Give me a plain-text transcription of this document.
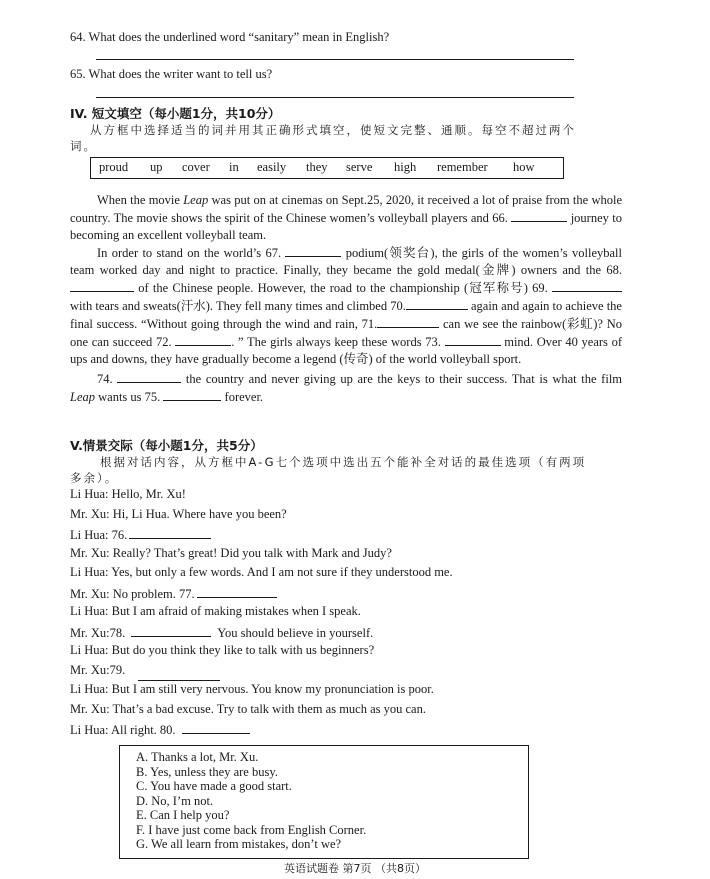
64. What does the underlined word “sanitary” mean in English?
65. What does the writer want to tell us?
IV. 短文填空（每小题1分，共10分）
从方框中选择适当的词并用其正确形式填空，使短文完整、通顺。每空不超过两个
词。
proud up cover in easily they serve high remember how

When the movie Leap was put on at cinemas on Sept.25, 2020, it received a lot of praise from the whole country. The movie shows the spirit of the Chinese women’s volleyball players and 66.	journey to becoming an excellent volleyball team.

In order to stand on the world’s 67.	podium(领奖台), the girls of the women’s volleyball team worked day and night to practice. Finally, they became the gold medal(金牌) owners and the 68.  of the Chinese people. However, the road to the championship (冠军称号) 69.  with tears and sweats(汗水). They fell many times and climbed 70.	again and again to achieve the final success. “Without going through the wind and rain, 71.	can we see the rainbow(彩虹)? No one can succeed 72.	. ” The girls always keep these words 73.	mind. Over 40 years of ups and downs, they have gradually become a legend (传奇) of the world volleyball sport.

74.	the country and never giving up are the keys to their success. That is what the film Leap wants us 75.	forever.

V.情景交际（每小题1分，共5分）
根据对话内容，从方框中A-G七个选项中选出五个能补全对话的最佳选项（有两项
多余）。
Li Hua: Hello, Mr. Xu!
Mr. Xu: Hi, Li Hua. Where have you been?
Li Hua: 76.
Mr. Xu: Really? That’s great! Did you talk with Mark and Judy?
Li Hua: Yes, but only a few words. And I am not sure if they understood me.
Mr. Xu: No problem. 77.
Li Hua: But I am afraid of making mistakes when I speak.
Mr. Xu:78.	You should believe in yourself.
Li Hua: But do you think they like to talk with us beginners?
Mr. Xu:79.
Li Hua: But I am still very nervous. You know my pronunciation is poor.
Mr. Xu: That’s a bad excuse. Try to talk with them as much as you can.
Li Hua: All right. 80.
A. Thanks a lot, Mr. Xu.
B. Yes, unless they are busy.
C. You have made a good start.
D. No, I’m not.
E. Can I help you?
F. I have just come back from English Corner.
G. We all learn from mistakes, don’t we?
英语试题卷 第7页 （共8页）
